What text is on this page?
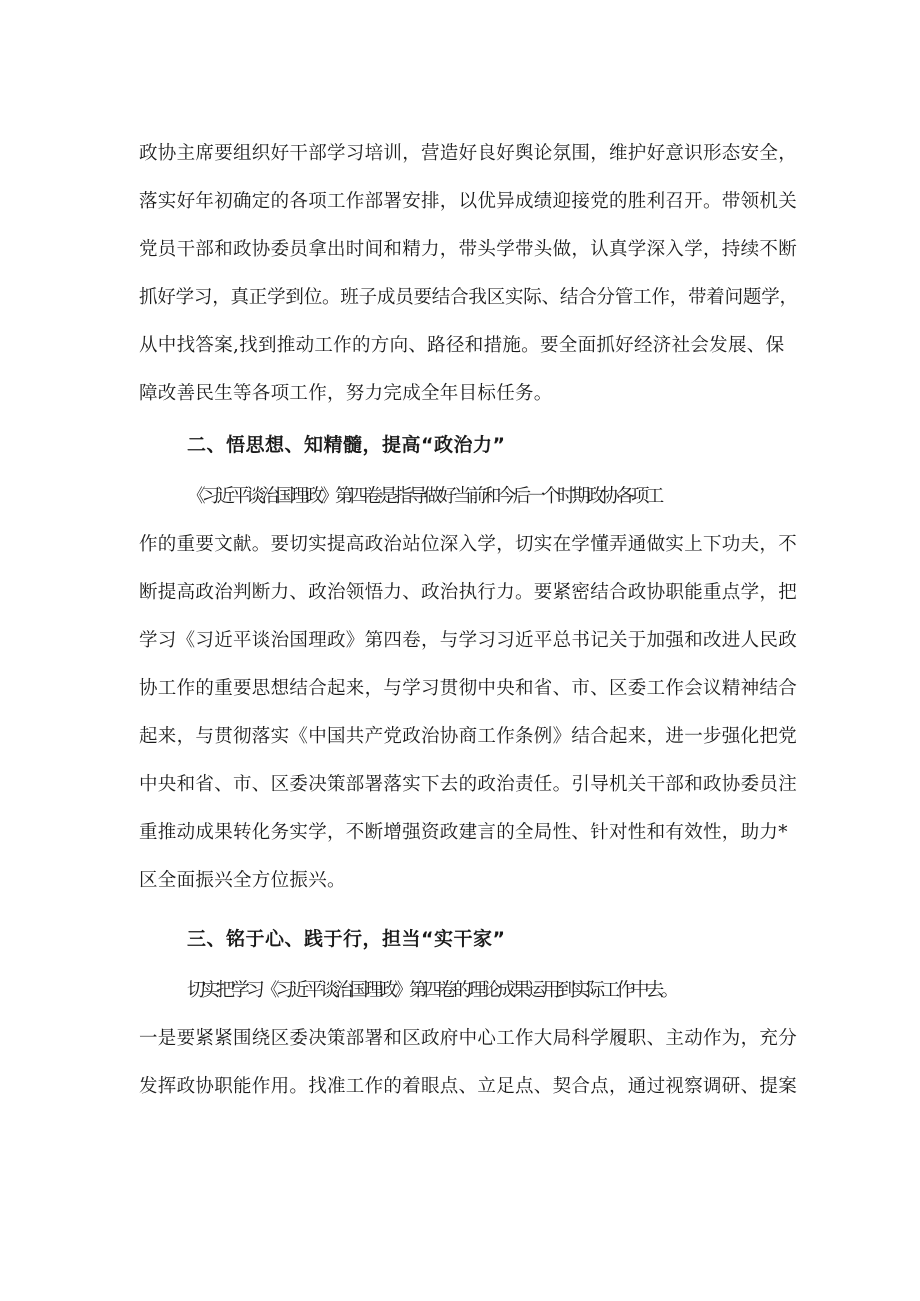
政协主席要组织好干部学习培训，营造好良好舆论氛围，维护好意识形态安全，
落实好年初确定的各项工作部署安排，以优异成绩迎接党的胜利召开。带领机关
党员干部和政协委员拿出时间和精力，带头学带头做，认真学深入学，持续不断
抓好学习，真正学到位。班子成员要结合我区实际、结合分管工作，带着问题学，
从中找答案,找到推动工作的方向、路径和措施。要全面抓好经济社会发展、保
障改善民生等各项工作，努力完成全年目标任务。
二、悟思想、知精髓，提高“政治力”
《习近平谈治国理政》第四卷是指导做好当前和今后一个时期政协各项工
作的重要文献。要切实提高政治站位深入学，切实在学懂弄通做实上下功夫，不
断提高政治判断力、政治领悟力、政治执行力。要紧密结合政协职能重点学，把
学习《习近平谈治国理政》第四卷，与学习习近平总书记关于加强和改进人民政
协工作的重要思想结合起来，与学习贯彻中央和省、市、区委工作会议精神结合
起来，与贯彻落实《中国共产党政治协商工作条例》结合起来，进一步强化把党
中央和省、市、区委决策部署落实下去的政治责任。引导机关干部和政协委员注
重推动成果转化务实学，不断增强资政建言的全局性、针对性和有效性，助力*
区全面振兴全方位振兴。
三、铭于心、践于行，担当“实干家”
切实把学习《习近平谈治国理政》第四卷的理论成果运用到实际工作中去。
一是要紧紧围绕区委决策部署和区政府中心工作大局科学履职、主动作为，充分
发挥政协职能作用。找准工作的着眼点、立足点、契合点，通过视察调研、提案
